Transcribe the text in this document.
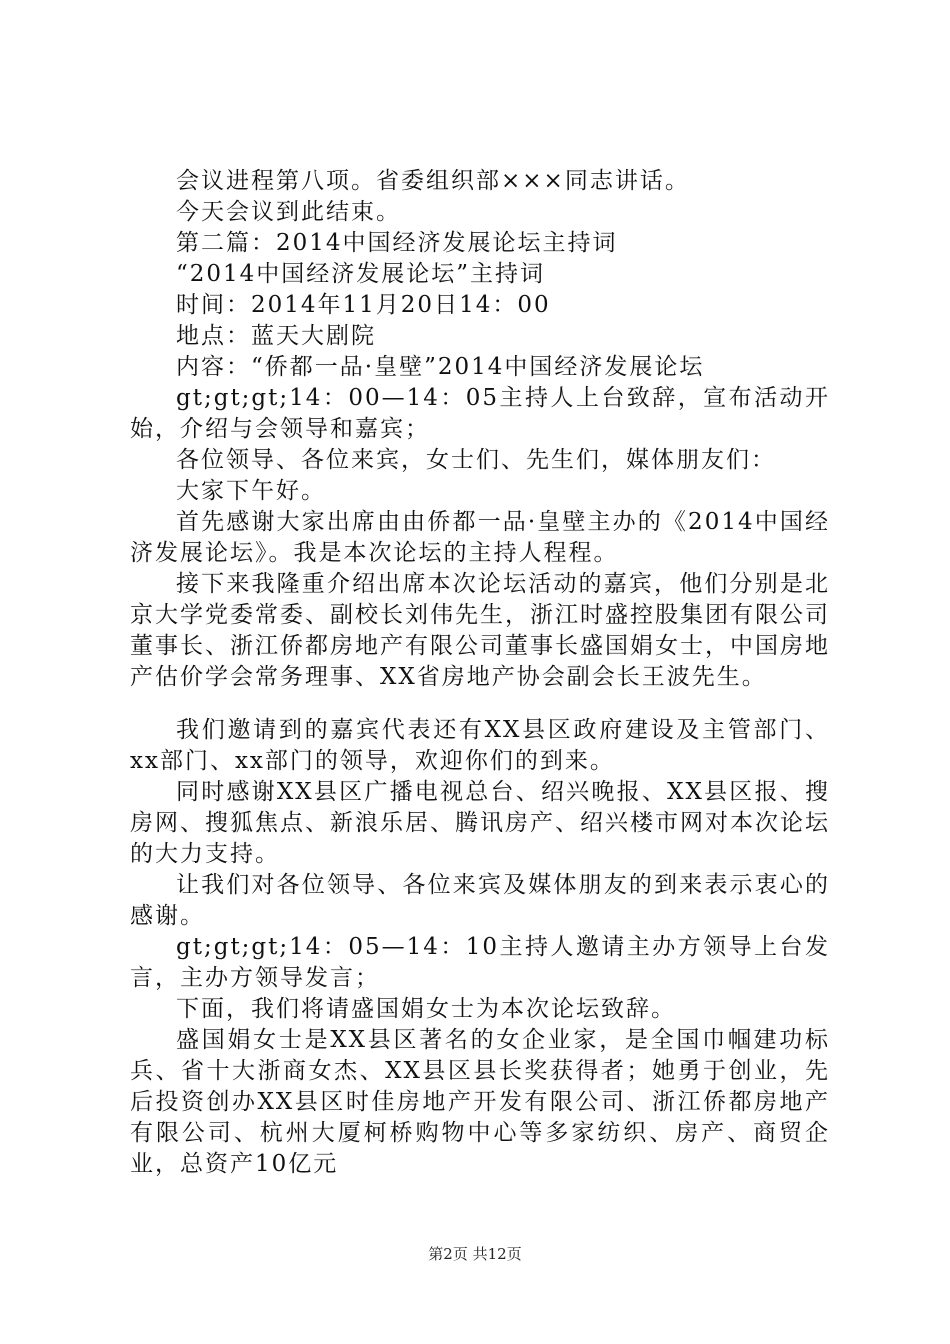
会议进程第八项。省委组织部×××同志讲话。

今天会议到此结束。

第二篇：2014中国经济发展论坛主持词

“2014中国经济发展论坛”主持词

时间：2014年11月20日14：00

地点：蓝天大剧院

内容：“侨都一品·皇壁”2014中国经济发展论坛

gt;gt;gt;14：00—14：05主持人上台致辞，宣布活动开始，介绍与会领导和嘉宾；

各位领导、各位来宾，女士们、先生们，媒体朋友们：

大家下午好。

首先感谢大家出席由由侨都一品·皇壁主办的《2014中国经济发展论坛》。我是本次论坛的主持人程程。

接下来我隆重介绍出席本次论坛活动的嘉宾，他们分别是北京大学党委常委、副校长刘伟先生，浙江时盛控股集团有限公司董事长、浙江侨都房地产有限公司董事长盛国娟女士，中国房地产估价学会常务理事、XX省房地产协会副会长王波先生。

我们邀请到的嘉宾代表还有XX县区政府建设及主管部门、xx部门、xx部门的领导，欢迎你们的到来。

同时感谢XX县区广播电视总台、绍兴晚报、XX县区报、搜房网、搜狐焦点、新浪乐居、腾讯房产、绍兴楼市网对本次论坛的大力支持。

让我们对各位领导、各位来宾及媒体朋友的到来表示衷心的感谢。

gt;gt;gt;14：05—14：10主持人邀请主办方领导上台发言，主办方领导发言；

下面，我们将请盛国娟女士为本次论坛致辞。

盛国娟女士是XX县区著名的女企业家，是全国巾帼建功标兵、省十大浙商女杰、XX县区县长奖获得者；她勇于创业，先后投资创办XX县区时佳房地产开发有限公司、浙江侨都房地产有限公司、杭州大厦柯桥购物中心等多家纺织、房产、商贸企业，总资产10亿元

第2页 共12页
